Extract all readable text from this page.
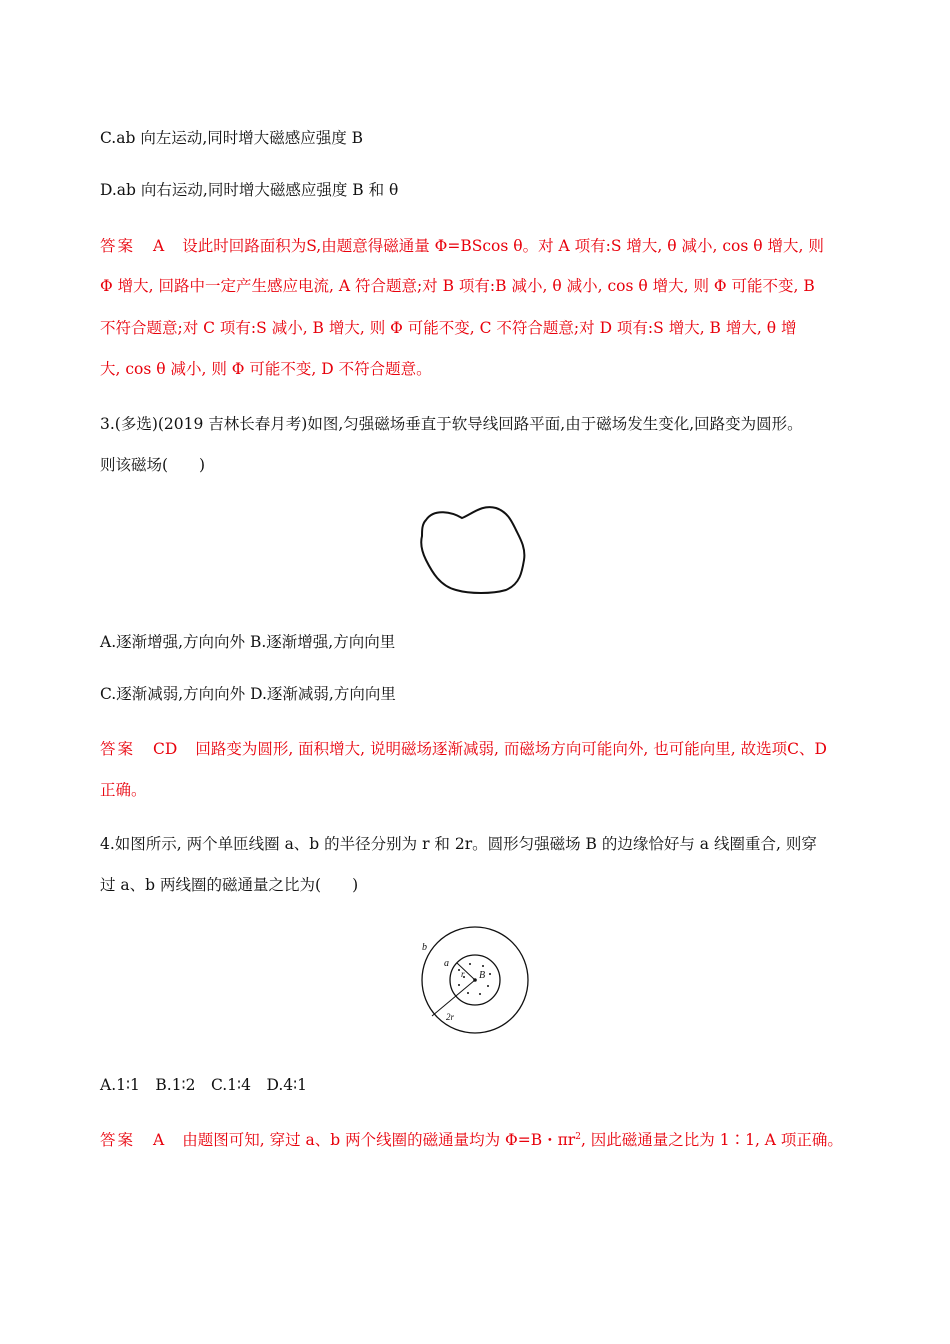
C.ab 向左运动,同时增大磁感应强度 B
D.ab 向右运动,同时增大磁感应强度 B 和 θ
答案 A 设此时回路面积为S,由题意得磁通量 Φ=BScos θ。对 A 项有:S 增大, θ 减小, cos θ 增大, 则
Φ 增大, 回路中一定产生感应电流, A 符合题意;对 B 项有:B 减小, θ 减小, cos θ 增大, 则 Φ 可能不变, B
不符合题意;对 C 项有:S 减小, B 增大, 则 Φ 可能不变, C 不符合题意;对 D 项有:S 增大, B 增大, θ 增
大, cos θ 减小, 则 Φ 可能不变, D 不符合题意。
3.(多选)(2019 吉林长春月考)如图,匀强磁场垂直于软导线回路平面,由于磁场发生变化,回路变为圆形。
则该磁场(　　)
A.逐渐增强,方向向外 B.逐渐增强,方向向里
C.逐渐减弱,方向向外 D.逐渐减弱,方向向里
答案 CD 回路变为圆形, 面积增大, 说明磁场逐渐减弱, 而磁场方向可能向外, 也可能向里, 故选项C、D
正确。
4.如图所示, 两个单匝线圈 a、b 的半径分别为 r 和 2r。圆形匀强磁场 B 的边缘恰好与 a 线圈重合, 则穿
过 a、b 两线圈的磁通量之比为(　　)
b
a
r B
2r
A.1∶1　B.1∶2　C.1∶4　D.4∶1
答案 A 由题图可知, 穿过 a、b 两个线圈的磁通量均为 Φ=B・$\pi r^2$, 因此磁通量之比为 1∶1, A 项正确。
